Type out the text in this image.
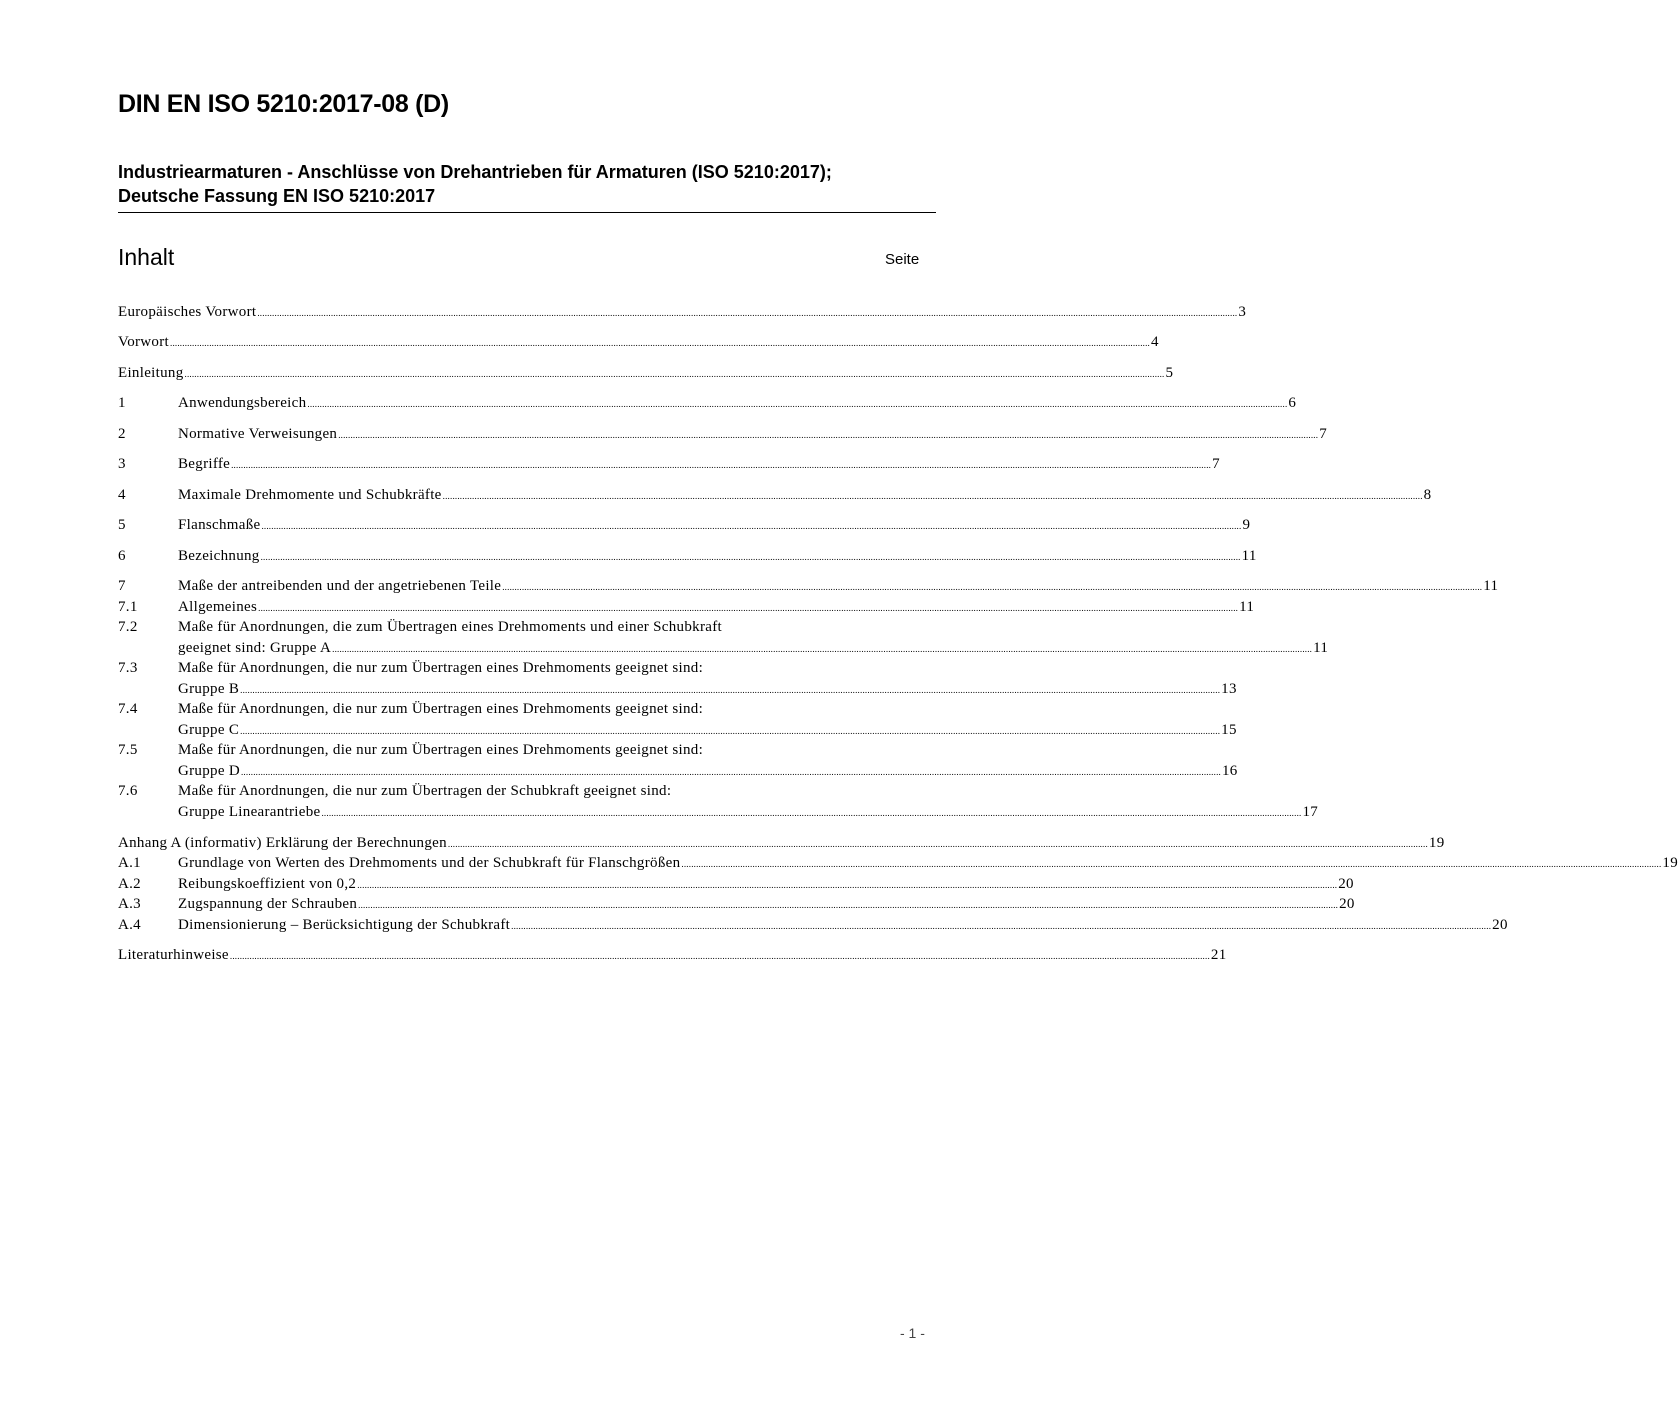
DIN EN ISO 5210:2017-08 (D)
Industriearmaturen - Anschlüsse von Drehantrieben für Armaturen (ISO 5210:2017);
Deutsche Fassung EN ISO 5210:2017
Inhalt	Seite
Europäisches Vorwort ................................................................................................................................................................................................................................................................................................................................................................................................................ 3
Vorwort ................................................................................................................................................................................................................................................................................................................................................................................................................ 4
Einleitung ................................................................................................................................................................................................................................................................................................................................................................................................................ 5
1	Anwendungsbereich ................................................................................................................................................................................................................................................................................................................................................................................................................ 6
2	Normative Verweisungen ................................................................................................................................................................................................................................................................................................................................................................................................................ 7
3	Begriffe ................................................................................................................................................................................................................................................................................................................................................................................................................ 7
4	Maximale Drehmomente und Schubkräfte ................................................................................................................................................................................................................................................................................................................................................................................................................ 8
5	Flanschmaße ................................................................................................................................................................................................................................................................................................................................................................................................................ 9
6	Bezeichnung ................................................................................................................................................................................................................................................................................................................................................................................................................ 11
7	Maße der antreibenden und der angetriebenen Teile ................................................................................................................................................................................................................................................................................................................................................................................................................ 11
7.1	Allgemeines ................................................................................................................................................................................................................................................................................................................................................................................................................ 11
7.2	Maße für Anordnungen, die zum Übertragen eines Drehmoments und einer Schubkraft
geeignet sind: Gruppe A ................................................................................................................................................................................................................................................................................................................................................................................................................ 11
7.3	Maße für Anordnungen, die nur zum Übertragen eines Drehmoments geeignet sind:
Gruppe B ................................................................................................................................................................................................................................................................................................................................................................................................................ 13
7.4	Maße für Anordnungen, die nur zum Übertragen eines Drehmoments geeignet sind:
Gruppe C ................................................................................................................................................................................................................................................................................................................................................................................................................ 15
7.5	Maße für Anordnungen, die nur zum Übertragen eines Drehmoments geeignet sind:
Gruppe D ................................................................................................................................................................................................................................................................................................................................................................................................................ 16
7.6	Maße für Anordnungen, die nur zum Übertragen der Schubkraft geeignet sind:
Gruppe Linearantriebe ................................................................................................................................................................................................................................................................................................................................................................................................................ 17
Anhang A (informativ) Erklärung der Berechnungen ................................................................................................................................................................................................................................................................................................................................................................................................................ 19
A.1 Grundlage von Werten des Drehmoments und der Schubkraft für Flanschgrößen ................................................................................................................................................................................................................................................................................................................................................................................................................ 19
A.2 Reibungskoeffizient von 0,2 ................................................................................................................................................................................................................................................................................................................................................................................................................ 20
A.3 Zugspannung der Schrauben ................................................................................................................................................................................................................................................................................................................................................................................................................ 20
A.4 Dimensionierung – Berücksichtigung der Schubkraft ................................................................................................................................................................................................................................................................................................................................................................................................................ 20
Literaturhinweise ................................................................................................................................................................................................................................................................................................................................................................................................................ 21
- 1 -
